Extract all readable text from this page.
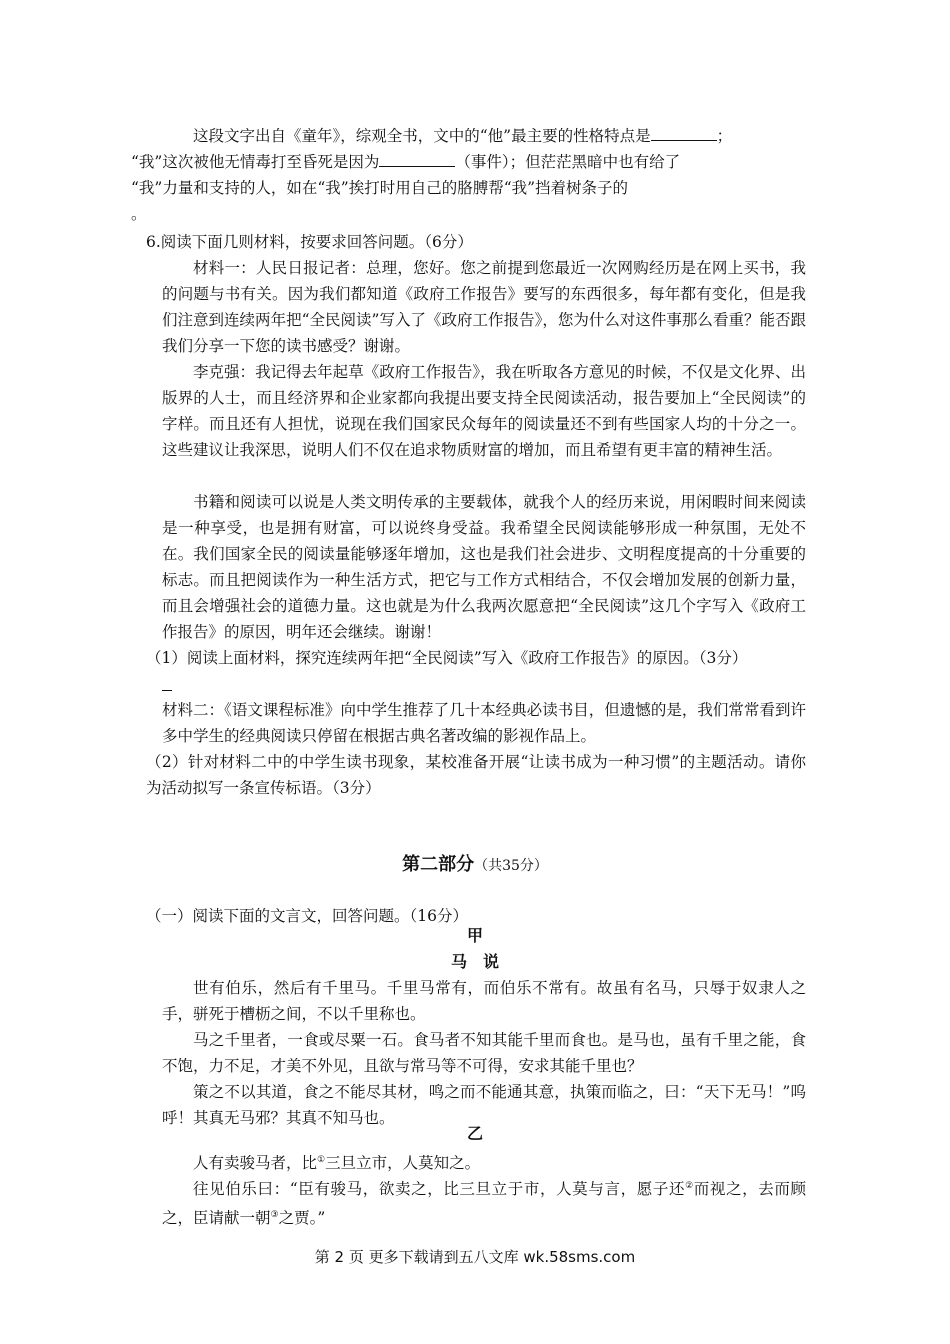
这段文字出自《童年》，综观全书，文中的“他”最主要的性格特点是	；
“我”这次被他无情毒打至昏死是因为	（事件）；但茫茫黑暗中也有给了
“我”力量和支持的人，如在“我”挨打时用自己的胳膊帮“我”挡着树条子的
。

6.阅读下面几则材料，按要求回答问题。（6分）

材料一：人民日报记者：总理，您好。您之前提到您最近一次网购经历是在网上买书，我的问题与书有关。因为我们都知道《政府工作报告》要写的东西很多，每年都有变化，但是我们注意到连续两年把“全民阅读”写入了《政府工作报告》，您为什么对这件事那么看重？能否跟我们分享一下您的读书感受？谢谢。

李克强：我记得去年起草《政府工作报告》，我在听取各方意见的时候，不仅是文化界、出版界的人士，而且经济界和企业家都向我提出要支持全民阅读活动，报告要加上“全民阅读”的字样。而且还有人担忧，说现在我们国家民众每年的阅读量还不到有些国家人均的十分之一。这些建议让我深思，说明人们不仅在追求物质财富的增加，而且希望有更丰富的精神生活。

书籍和阅读可以说是人类文明传承的主要载体，就我个人的经历来说，用闲暇时间来阅读是一种享受，也是拥有财富，可以说终身受益。我希望全民阅读能够形成一种氛围，无处不在。我们国家全民的阅读量能够逐年增加，这也是我们社会进步、文明程度提高的十分重要的标志。而且把阅读作为一种生活方式，把它与工作方式相结合，不仅会增加发展的创新力量，而且会增强社会的道德力量。这也就是为什么我两次愿意把“全民阅读”这几个字写入《政府工作报告》的原因，明年还会继续。谢谢！

（1）阅读上面材料，探究连续两年把“全民阅读”写入《政府工作报告》的原因。（3分）

材料二：《语文课程标准》向中学生推荐了几十本经典必读书目，但遗憾的是，我们常常看到许多中学生的经典阅读只停留在根据古典名著改编的影视作品上。

（2）针对材料二中的中学生读书现象，某校准备开展“让读书成为一种习惯”的主题活动。请你为活动拟写一条宣传标语。（3分）

第二部分（共35分）

（一）阅读下面的文言文，回答问题。（16分）

甲

马　说

世有伯乐，然后有千里马。千里马常有，而伯乐不常有。故虽有名马，只辱于奴隶人之手，骈死于槽枥之间，不以千里称也。

马之千里者，一食或尽粟一石。食马者不知其能千里而食也。是马也，虽有千里之能，食不饱，力不足，才美不外见，且欲与常马等不可得，安求其能千里也？

策之不以其道，食之不能尽其材，鸣之而不能通其意，执策而临之，曰：“天下无马！”呜呼！其真无马邪？其真不知马也。

乙

人有卖骏马者，比①三旦立市，人莫知之。

往见伯乐曰：“臣有骏马，欲卖之，比三旦立于市，人莫与言，愿子还②而视之，去而顾之，臣请献一朝③之贾。”

第 2 页 更多下载请到五八文库 wk.58sms.com
